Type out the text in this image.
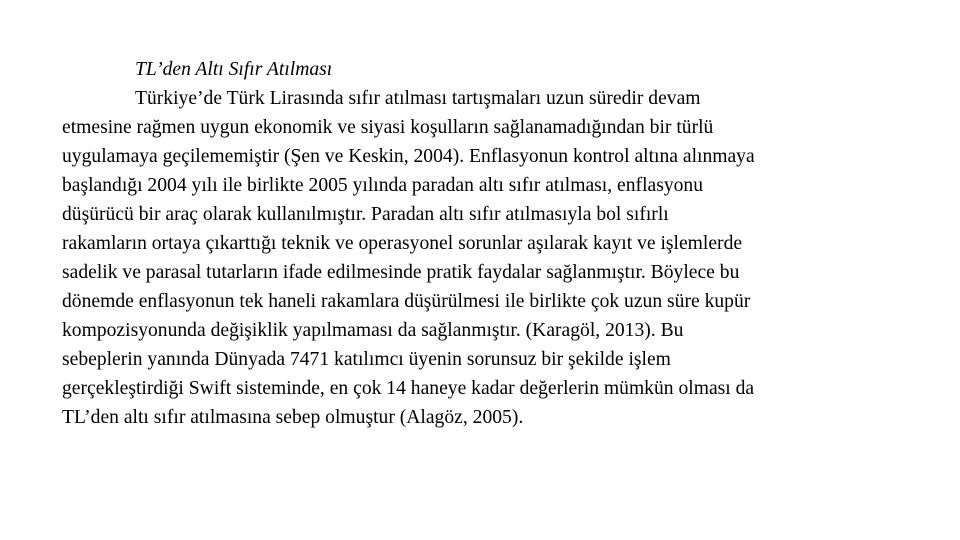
TL’den Altı Sıfır Atılması

Türkiye’de Türk Lirasında sıfır atılması tartışmaları uzun süredir devam
etmesine rağmen uygun ekonomik ve siyasi koşulların sağlanamadığından bir türlü
uygulamaya geçilememiştir (Şen ve Keskin, 2004). Enflasyonun kontrol altına alınmaya
başlandığı 2004 yılı ile birlikte 2005 yılında paradan altı sıfır atılması, enflasyonu
düşürücü bir araç olarak kullanılmıştır. Paradan altı sıfır atılmasıyla bol sıfırlı
rakamların ortaya çıkarttığı teknik ve operasyonel sorunlar aşılarak kayıt ve işlemlerde
sadelik ve parasal tutarların ifade edilmesinde pratik faydalar sağlanmıştır. Böylece bu
dönemde enflasyonun tek haneli rakamlara düşürülmesi ile birlikte çok uzun süre kupür
kompozisyonunda değişiklik yapılmaması da sağlanmıştır. (Karagöl, 2013). Bu
sebeplerin yanında Dünyada 7471 katılımcı üyenin sorunsuz bir şekilde işlem
gerçekleştirdiği Swift sisteminde, en çok 14 haneye kadar değerlerin mümkün olması da
TL’den altı sıfır atılmasına sebep olmuştur (Alagöz, 2005).
